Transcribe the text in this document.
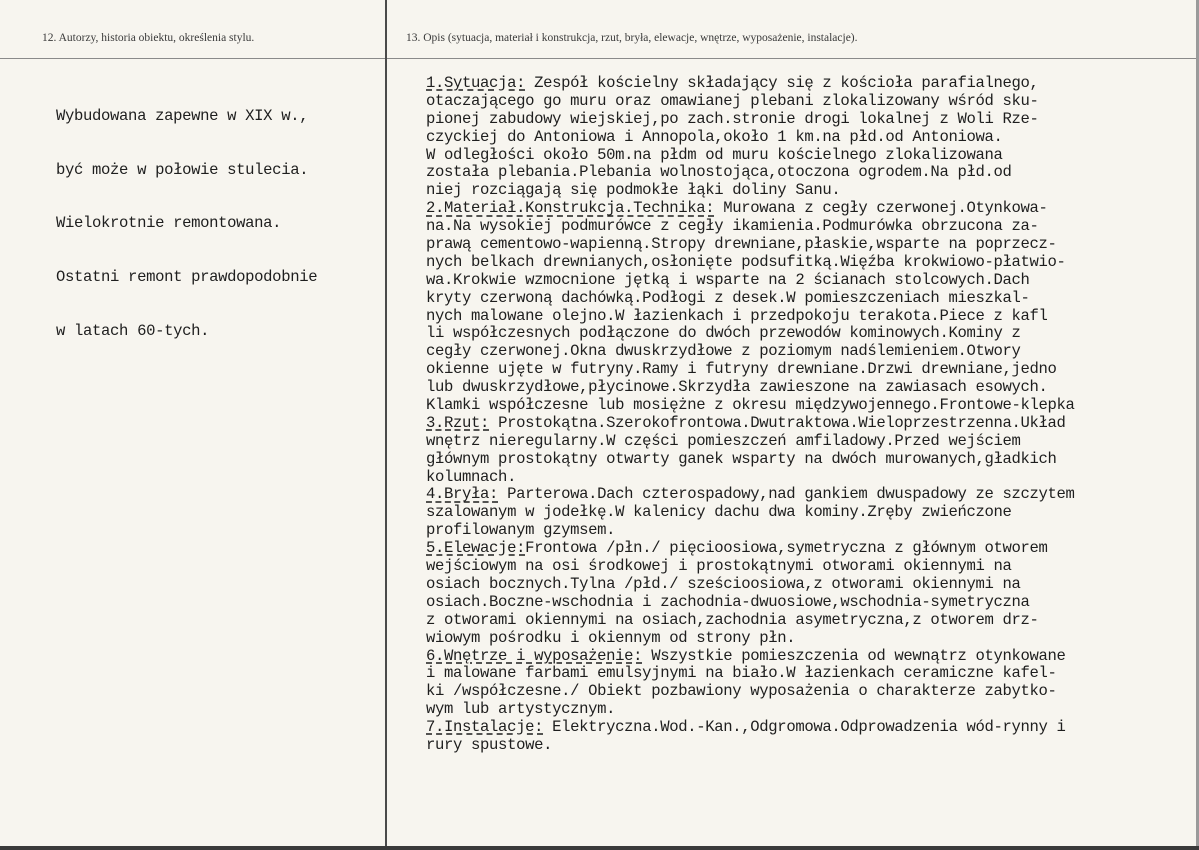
12. Autorzy, historia obiektu, określenia stylu.	13. Opis (sytuacja, materiał i konstrukcja, rzut, bryła, elewacje, wnętrze, wyposażenie, instalacje).

Wybudowana zapewne w XIX w.,

być może w połowie stulecia.

Wielokrotnie remontowana.

Ostatni remont prawdopodobnie

w latach 60-tych.

1.Sytuacja: Zespół kościelny składający się z kościoła parafialnego,
otaczającego go muru oraz omawianej plebani zlokalizowany wśród sku-
pionej zabudowy wiejskiej,po zach.stronie drogi lokalnej z Woli Rze-
czyckiej do Antoniowa i Annopola,około 1 km.na płd.od Antoniowa.
W odległości około 50m.na płdm od muru kościelnego zlokalizowana
została plebania.Plebania wolnostojąca,otoczona ogrodem.Na płd.od
niej rozciągają się podmokłe łąki doliny Sanu.
2.Materiał.Konstrukcja.Technika: Murowana z cegły czerwonej.Otynkowa-
na.Na wysokiej podmurówce z cegły ikamienia.Podmurówka obrzucona za-
prawą cementowo-wapienną.Stropy drewniane,płaskie,wsparte na poprzecz-
nych belkach drewnianych,osłonięte podsufitką.Więźba krokwiowo-płatwio-
wa.Krokwie wzmocnione jętką i wsparte na 2 ścianach stolcowych.Dach
kryty czerwoną dachówką.Podłogi z desek.W pomieszczeniach mieszkal-
nych malowane olejno.W łazienkach i przedpokoju terakota.Piece z kafl
li współczesnych podłączone do dwóch przewodów kominowych.Kominy z
cegły czerwonej.Okna dwuskrzydłowe z poziomym nadślemieniem.Otwory
okienne ujęte w futryny.Ramy i futryny drewniane.Drzwi drewniane,jedno
lub dwuskrzydłowe,płycinowe.Skrzydła zawieszone na zawiasach esowych.
Klamki współczesne lub mosiężne z okresu międzywojennego.Frontowe-klepka
3.Rzut: Prostokątna.Szerokofrontowa.Dwutraktowa.Wieloprzestrzenna.Układ
wnętrz nieregularny.W części pomieszczeń amfiladowy.Przed wejściem
głównym prostokątny otwarty ganek wsparty na dwóch murowanych,gładkich
kolumnach.
4.Bryła: Parterowa.Dach czterospadowy,nad gankiem dwuspadowy ze szczytem
szalowanym w jodełkę.W kalenicy dachu dwa kominy.Zręby zwieńczone
profilowanym gzymsem.
5.Elewacje:Frontowa /płn./ pięcioosiowa,symetryczna z głównym otworem
wejściowym na osi środkowej i prostokątnymi otworami okiennymi na
osiach bocznych.Tylna /płd./ sześcioosiowa,z otworami okiennymi na
osiach.Boczne-wschodnia i zachodnia-dwuosiowe,wschodnia-symetryczna
z otworami okiennymi na osiach,zachodnia asymetryczna,z otworem drz-
wiowym pośrodku i okiennym od strony płn.
6.Wnętrze i wyposażenie: Wszystkie pomieszczenia od wewnątrz otynkowane
i malowane farbami emulsyjnymi na biało.W łazienkach ceramiczne kafel-
ki /współczesne./ Obiekt pozbawiony wyposażenia o charakterze zabytko-
wym lub artystycznym.
7.Instalacje: Elektryczna.Wod.-Kan.,Odgromowa.Odprowadzenia wód-rynny i
rury spustowe.
